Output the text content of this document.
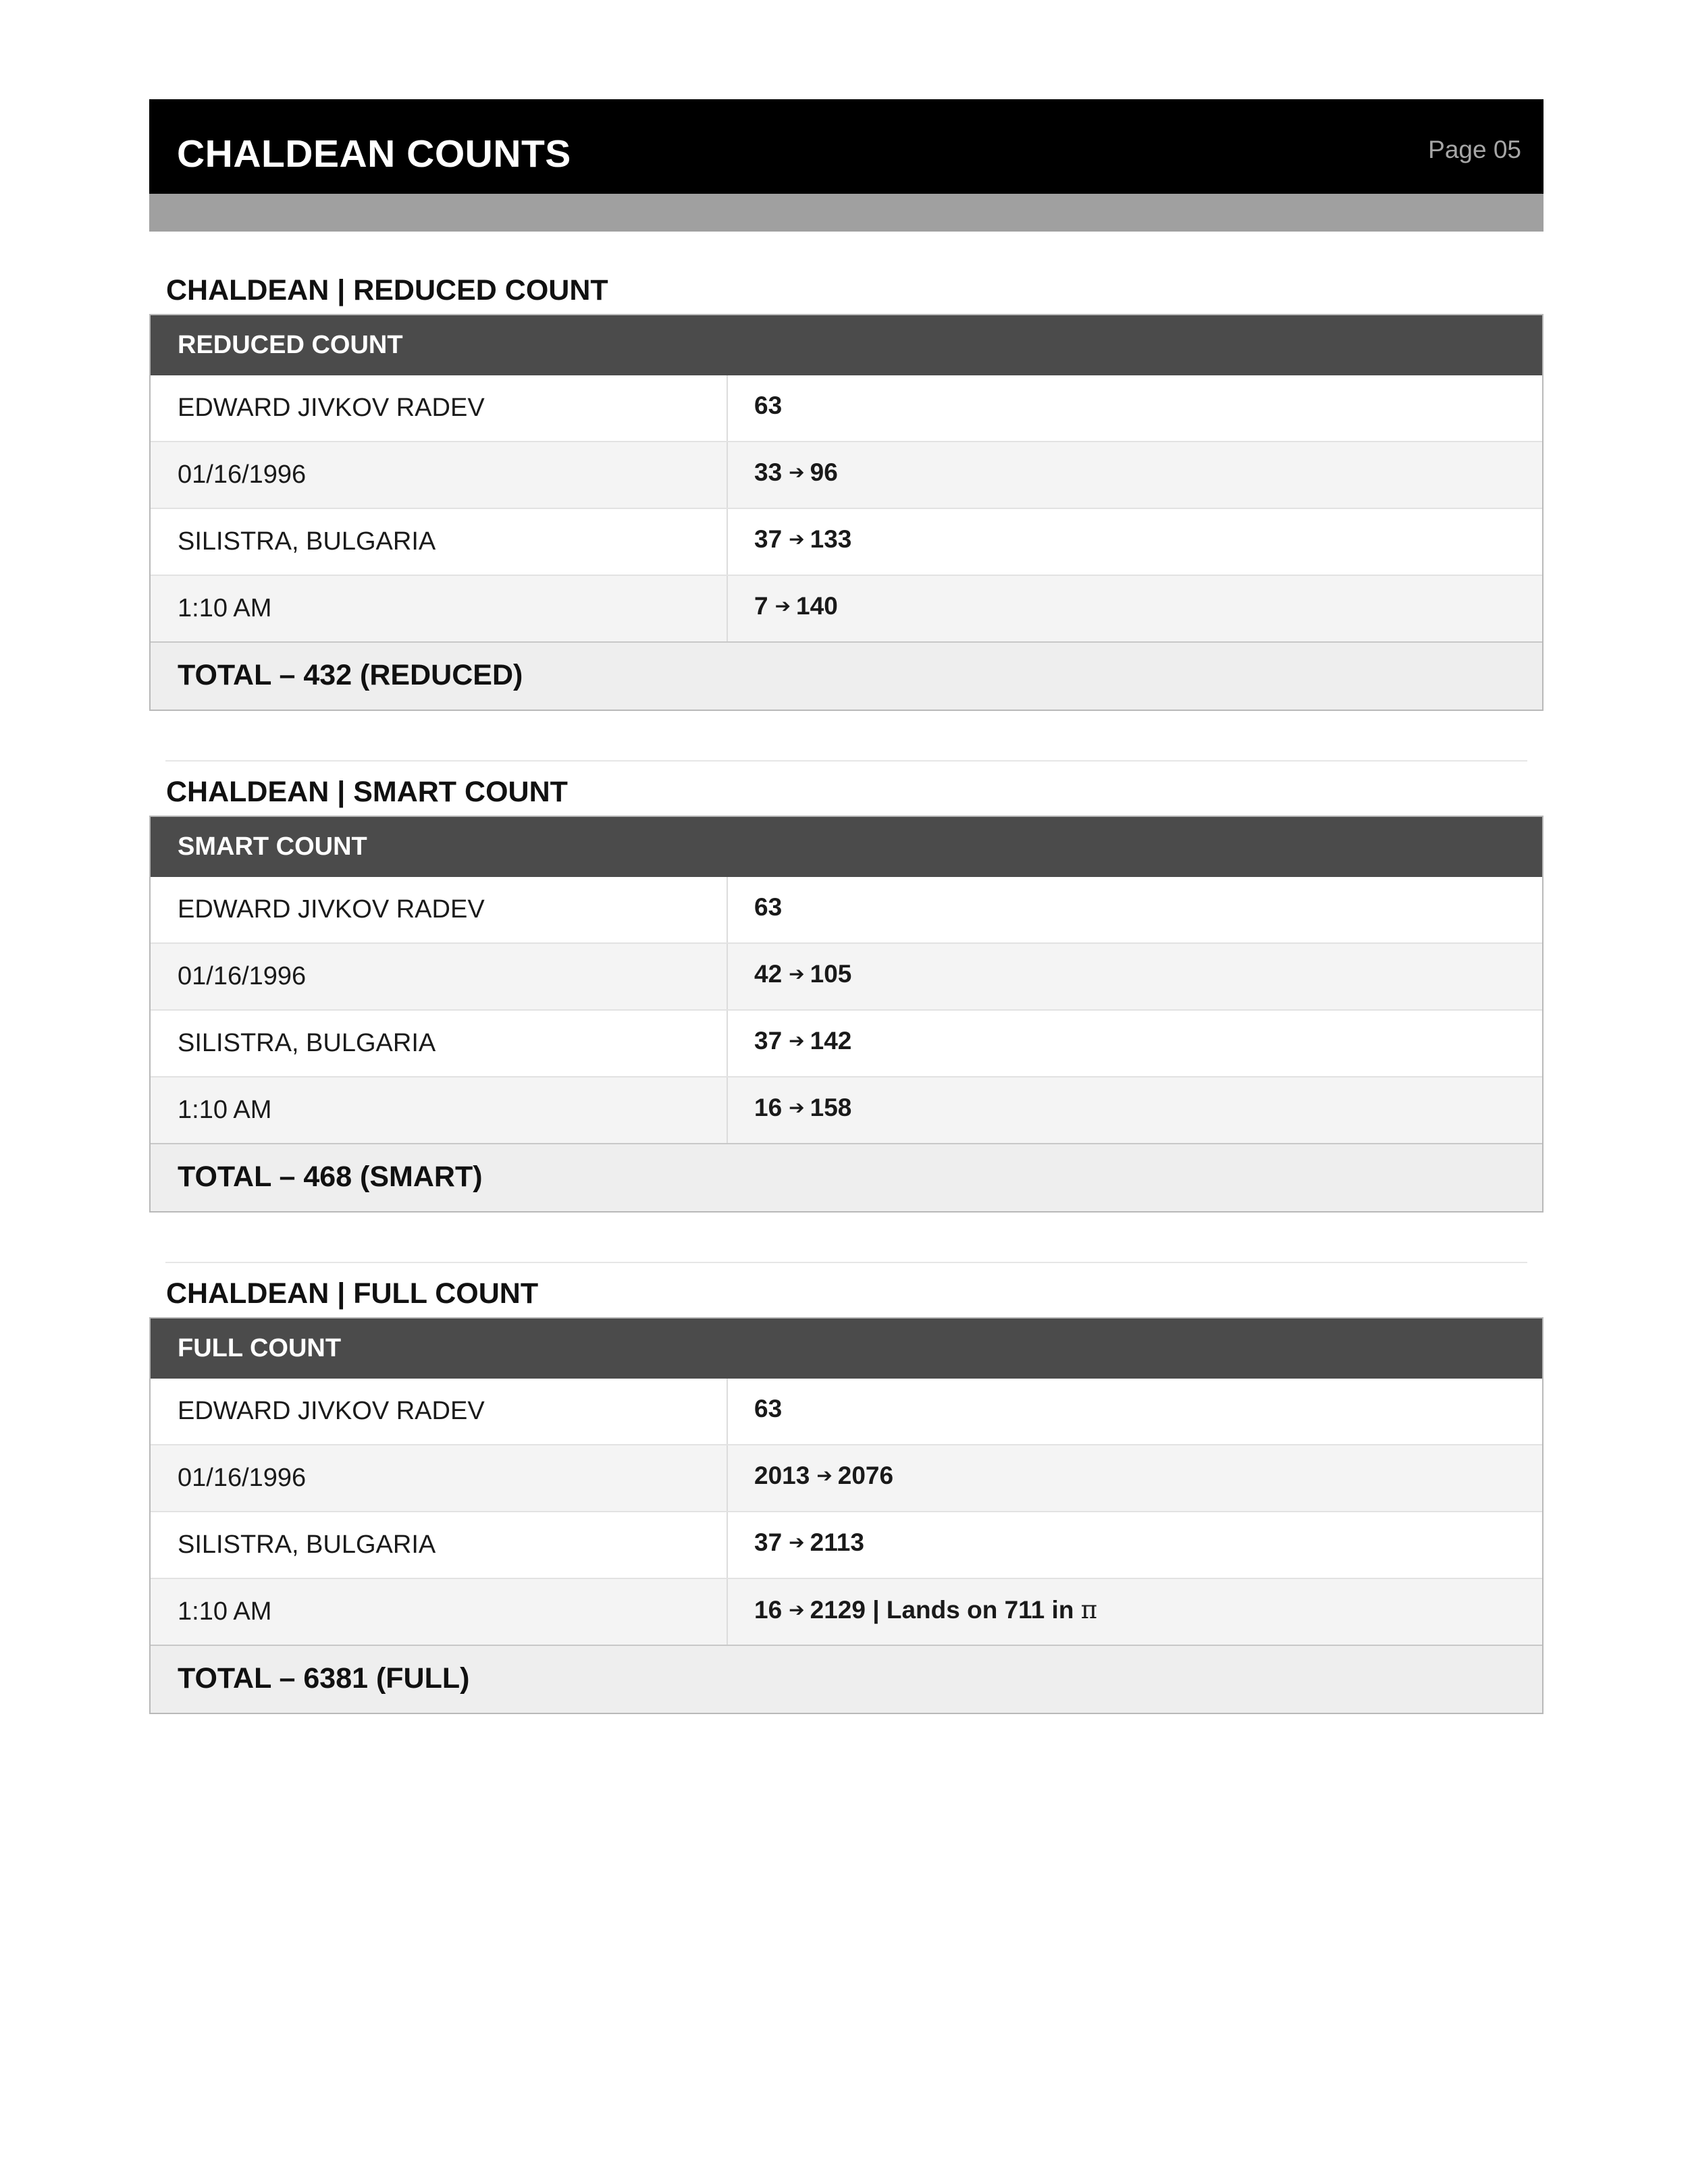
CHALDEAN COUNTS	Page 05
CHALDEAN | REDUCED COUNT
REDUCED COUNT
EDWARD JIVKOV RADEV	63
01/16/1996	33 ➔ 96
SILISTRA, BULGARIA	37 ➔ 133
1:10 AM	7 ➔ 140
TOTAL – 432 (REDUCED)
CHALDEAN | SMART COUNT
SMART COUNT
EDWARD JIVKOV RADEV	63
01/16/1996	42 ➔ 105
SILISTRA, BULGARIA	37 ➔ 142
1:10 AM	16 ➔ 158
TOTAL – 468 (SMART)
CHALDEAN | FULL COUNT
FULL COUNT
EDWARD JIVKOV RADEV	63
01/16/1996	2013 ➔ 2076
SILISTRA, BULGARIA	37 ➔ 2113
1:10 AM	16 ➔ 2129 | Lands on 711 in π
TOTAL – 6381 (FULL)
